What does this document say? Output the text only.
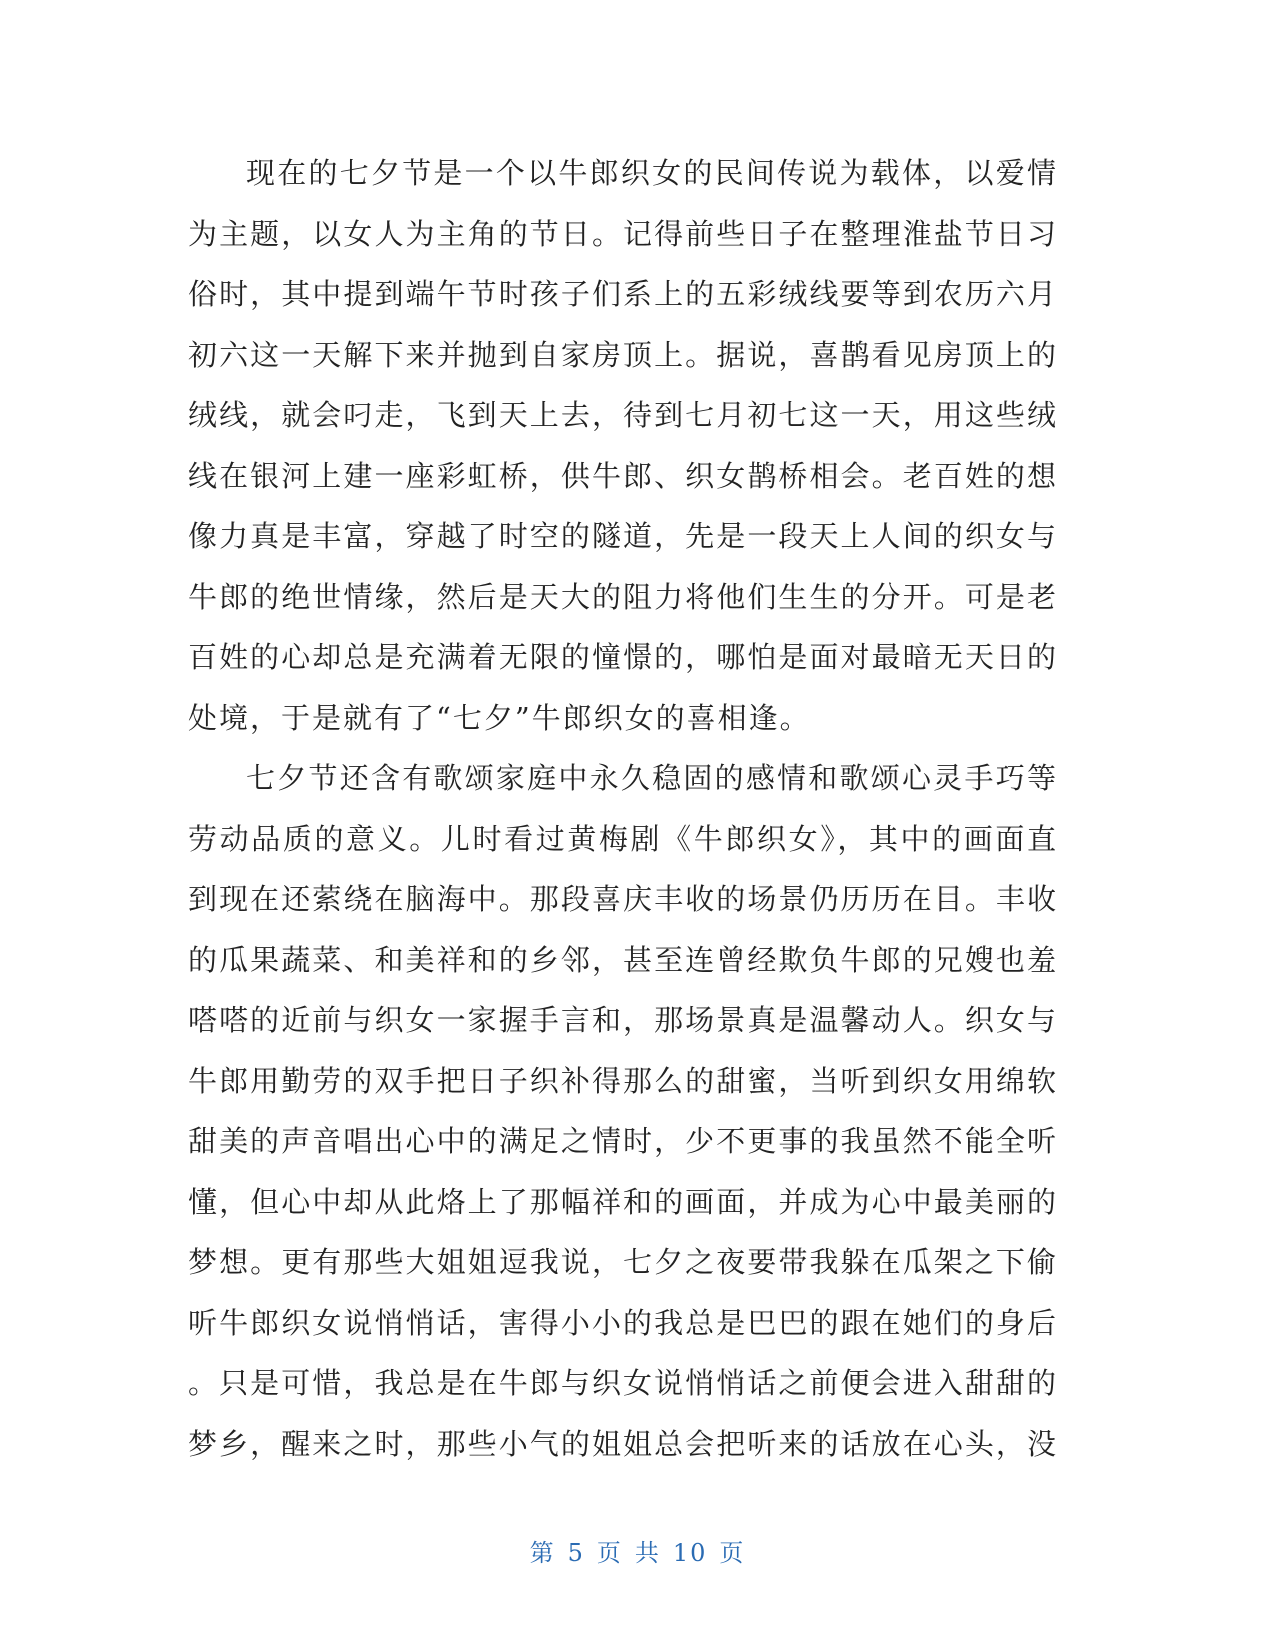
现在的七夕节是一个以牛郎织女的民间传说为载体，以爱情
为主题，以女人为主角的节日。记得前些日子在整理淮盐节日习
俗时，其中提到端午节时孩子们系上的五彩绒线要等到农历六月
初六这一天解下来并抛到自家房顶上。据说，喜鹊看见房顶上的
绒线，就会叼走，飞到天上去，待到七月初七这一天，用这些绒
线在银河上建一座彩虹桥，供牛郎、织女鹊桥相会。老百姓的想
像力真是丰富，穿越了时空的隧道，先是一段天上人间的织女与
牛郎的绝世情缘，然后是天大的阻力将他们生生的分开。可是老
百姓的心却总是充满着无限的憧憬的，哪怕是面对最暗无天日的
处境，于是就有了“七夕”牛郎织女的喜相逢。
七夕节还含有歌颂家庭中永久稳固的感情和歌颂心灵手巧等
劳动品质的意义。儿时看过黄梅剧《牛郎织女》，其中的画面直
到现在还萦绕在脑海中。那段喜庆丰收的场景仍历历在目。丰收
的瓜果蔬菜、和美祥和的乡邻，甚至连曾经欺负牛郎的兄嫂也羞
嗒嗒的近前与织女一家握手言和，那场景真是温馨动人。织女与
牛郎用勤劳的双手把日子织补得那么的甜蜜，当听到织女用绵软
甜美的声音唱出心中的满足之情时，少不更事的我虽然不能全听
懂，但心中却从此烙上了那幅祥和的画面，并成为心中最美丽的
梦想。更有那些大姐姐逗我说，七夕之夜要带我躲在瓜架之下偷
听牛郎织女说悄悄话，害得小小的我总是巴巴的跟在她们的身后
。只是可惜，我总是在牛郎与织女说悄悄话之前便会进入甜甜的
梦乡，醒来之时，那些小气的姐姐总会把听来的话放在心头，没
第 5 页 共 10 页
